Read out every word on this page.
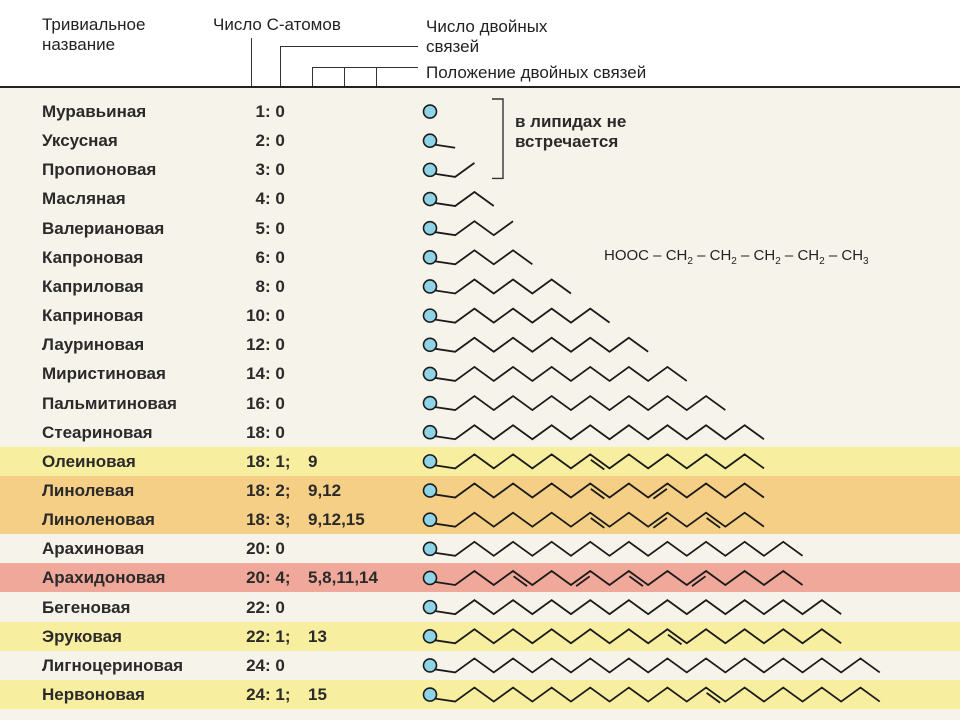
Тривиальное
название
Число С-атомов	Число двойных
связей
Положение двойных связей
Муравьиная	1: 0
Уксусная	2: 0
Пропионовая	3: 0
Масляная	4: 0
Валериановая	5: 0
Капроновая	6: 0
Каприловая	8: 0
Каприновая	10: 0
Лауриновая	12: 0
Миристиновая	14: 0
Пальмитиновая	16: 0
Стеариновая	18: 0
Олеиновая	18: 1; 9
Линолевая	18: 2; 9,12
Линоленовая	18: 3; 9,12,15
Арахиновая	20: 0
Арахидоновая	20: 4; 5,8,11,14
Бегеновая	22: 0
Эруковая	22: 1; 13
Лигноцериновая	24: 0
Нервоновая	24: 1; 15
в липидах не
встречается
HOOC – $CH_2 - CH_2 - CH_2 - CH_2 - CH_3$
